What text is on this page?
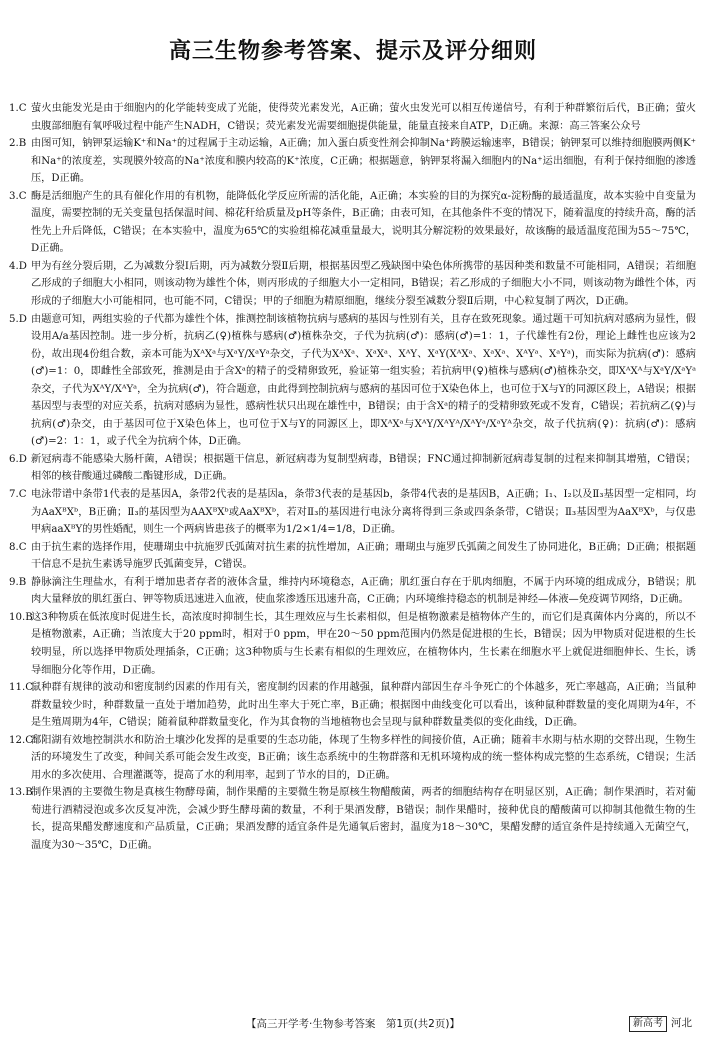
高三生物参考答案、提示及评分细则

1.C 萤火虫能发光是由于细胞内的化学能转变成了光能，使得荧光素发光，A正确；萤火虫发光可以相互传递信号，有利于种群繁衍后代，B正确；萤火虫腹部细胞有氧呼吸过程中能产生NADH，C错误；荧光素发光需要细胞提供能量，能量直接来自ATP，D正确。来源：高三答案公众号

2.B 由图可知，钠钾泵运输K⁺和Na⁺的过程属于主动运输，A正确；加入蛋白质变性剂会抑制Na⁺跨膜运输速率，B错误；钠钾泵可以维持细胞膜两侧K⁺和Na⁺的浓度差，实现膜外较高的Na⁺浓度和膜内较高的K⁺浓度，C正确；根据题意，钠钾泵将漏入细胞内的Na⁺运出细胞，有利于保持细胞的渗透压，D正确。

3.C 酶是活细胞产生的具有催化作用的有机物，能降低化学反应所需的活化能，A正确；本实验的目的为探究α-淀粉酶的最适温度，故本实验中自变量为温度，需要控制的无关变量包括保温时间、棉花秆给质量及pH等条件，B正确；由表可知，在其他条件不变的情况下，随着温度的持续升高，酶的活性先上升后降低，C错误；在本实验中，温度为65℃的实验组棉花减重量最大，说明其分解淀粉的效果最好，故该酶的最适温度范围为55～75℃，D正确。

4.D 甲为有丝分裂后期，乙为减数分裂Ⅰ后期，丙为减数分裂Ⅱ后期，根据基因型乙残缺图中染色体所携带的基因种类和数量不可能相同，A错误；若细胞乙形成的子细胞大小相同，则该动物为雄性个体，则丙形成的子细胞大小一定相同，B错误；若乙形成的子细胞大小不同，则该动物为雌性个体，丙形成的子细胞大小可能相同，也可能不同，C错误；甲的子细胞为精原细胞，继续分裂至减数分裂Ⅱ后期，中心粒复制了两次，D正确。

5.D 由题意可知，两组实验的子代都为雄性个体，推测控制该植物抗病与感病的基因与性别有关，且存在致死现象。通过题干可知抗病对感病为显性，假设用A/a基因控制。进一步分析，抗病乙(♀)植株与感病(♂)植株杂交，子代为抗病(♂)：感病(♂)=1：1，子代雄性有2份，理论上雌性也应该为2份，故出现4份组合数，亲本可能为XᴬXᵃ与XᵃY/XᵃYᵃ杂交，子代为XᴬXᵃ、XᵃXᵃ、XᴬY、XᵃY(XᴬXᵃ、XᵃXᵃ、XᴬYᵃ、XᵃYᵃ)，而实际为抗病(♂)：感病(♂)=1：0，即雌性全部致死，推测是由于含Xᵃ的精子的受精卵致死，验证第一组实验；若抗病甲(♀)植株与感病(♂)植株杂交，即XᴬXᴬ与XᵃY/XᵃYᵃ杂交，子代为XᴬY/XᴬYᵃ，全为抗病(♂)，符合题意，由此得到控制抗病与感病的基因可位于X染色体上，也可位于X与Y的同源区段上，A错误；根据基因型与表型的对应关系，抗病对感病为显性，感病性状只出现在雄性中，B错误；由于含Xᵃ的精子的受精卵致死或不发育，C错误；若抗病乙(♀)与抗病(♂)杂交，由于基因可位于X染色体上，也可位于X与Y的同源区上，即XᴬXᵃ与XᴬY/XᴬYᴬ/XᴬYᵃ/XᵃYᴬ杂交，故子代抗病(♀)：抗病(♂)：感病(♂)=2：1：1，或子代全为抗病个体，D正确。

6.D 新冠病毒不能感染大肠杆菌，A错误；根据题干信息，新冠病毒为复制型病毒，B错误；FNC通过抑制新冠病毒复制的过程来抑制其增殖，C错误；相邻的核苷酸通过磷酸二酯键形成，D正确。

7.C 电泳带谱中条带1代表的是基因A，条带2代表的是基因a，条带3代表的是基因b，条带4代表的是基因B，A正确；Ⅰ₁、Ⅰ₂以及Ⅱ₃基因型一定相同，均为AaXᴮXᵇ，B正确；Ⅱ₃的基因型为AAXᴮXᵇ或AaXᴮXᵇ，若对Ⅱ₃的基因进行电泳分离将得到三条或四条条带，C错误；Ⅱ₃基因型为AaXᴮXᵇ，与仅患甲病aaXᴮY的男性婚配，则生一个两病皆患孩子的概率为1/2×1/4=1/8，D正确。

8.C 由于抗生素的选择作用，使珊瑚虫中抗施罗氏弧菌对抗生素的抗性增加，A正确；珊瑚虫与施罗氏弧菌之间发生了协同进化，B正确；D正确；根据题干信息不是抗生素诱导施罗氏弧菌变异，C错误。

9.B 静脉滴注生理盐水，有利于增加患者存者的液体含量，维持内环境稳态，A正确；肌红蛋白存在于肌肉细胞，不属于内环境的组成成分，B错误；肌肉大量释放的肌红蛋白、钾等物质迅速进入血液，使血浆渗透压迅速升高，C正确；内环境维持稳态的机制是神经—体液—免疫调节网络，D正确。

10.B
这3种物质在低浓度时促进生长，高浓度时抑制生长，其生理效应与生长素相似，但是植物激素是植物体产生的，而它们是真菌体内分离的，所以不是植物激素，A正确；当浓度大于20 ppm时，相对于0 ppm，甲在20～50 ppm范围内仍然是促进根的生长，B错误；因为甲物质对促进根的生长较明显，所以选择甲物质处理插条，C正确；这3种物质与生长素有相似的生理效应，在植物体内，生长素在细胞水平上就促进细胞伸长、生长，诱导细胞分化等作用，D正确。

11.C
鼠种群有规律的波动和密度制约因素的作用有关，密度制约因素的作用越强，鼠种群内部因生存斗争死亡的个体越多，死亡率越高，A正确；当鼠种群数量较少时，种群数量一直处于增加趋势，此时出生率大于死亡率，B正确；根据图中曲线变化可以看出，该种鼠种群数量的变化周期为4年，不是生殖周期为4年，C错误；随着鼠种群数量变化，作为其食物的当地植物也会呈现与鼠种群数量类似的变化曲线，D正确。

12.C
鄱阳湖有效地控制洪水和防治土壤沙化发挥的是重要的生态功能，体现了生物多样性的间接价值，A正确；随着丰水期与枯水期的交替出现，生物生活的环境发生了改变，种间关系可能会发生改变，B正确；该生态系统中的生物群落和无机环境构成的统一整体构成完整的生态系统，C错误；生活用水的多次使用、合理灌溉等，提高了水的利用率，起到了节水的目的，D正确。

13.B
制作果酒的主要微生物是真核生物酵母菌，制作果醋的主要微生物是原核生物醋酸菌，两者的细胞结构存在明显区别，A正确；制作果酒时，若对葡萄进行酒精浸泡或多次反复冲洗，会减少野生酵母菌的数量，不利于果酒发酵，B错误；制作果醋时，接种优良的醋酸菌可以抑制其他微生物的生长，提高果醋发酵速度和产品质量，C正确；果酒发酵的适宜条件是先通氧后密封，温度为18～30℃，果醋发酵的适宜条件是持续通入无菌空气，温度为30～35℃，D正确。

【高三开学考·生物参考答案　第1页(共2页)】	新高考 河北
